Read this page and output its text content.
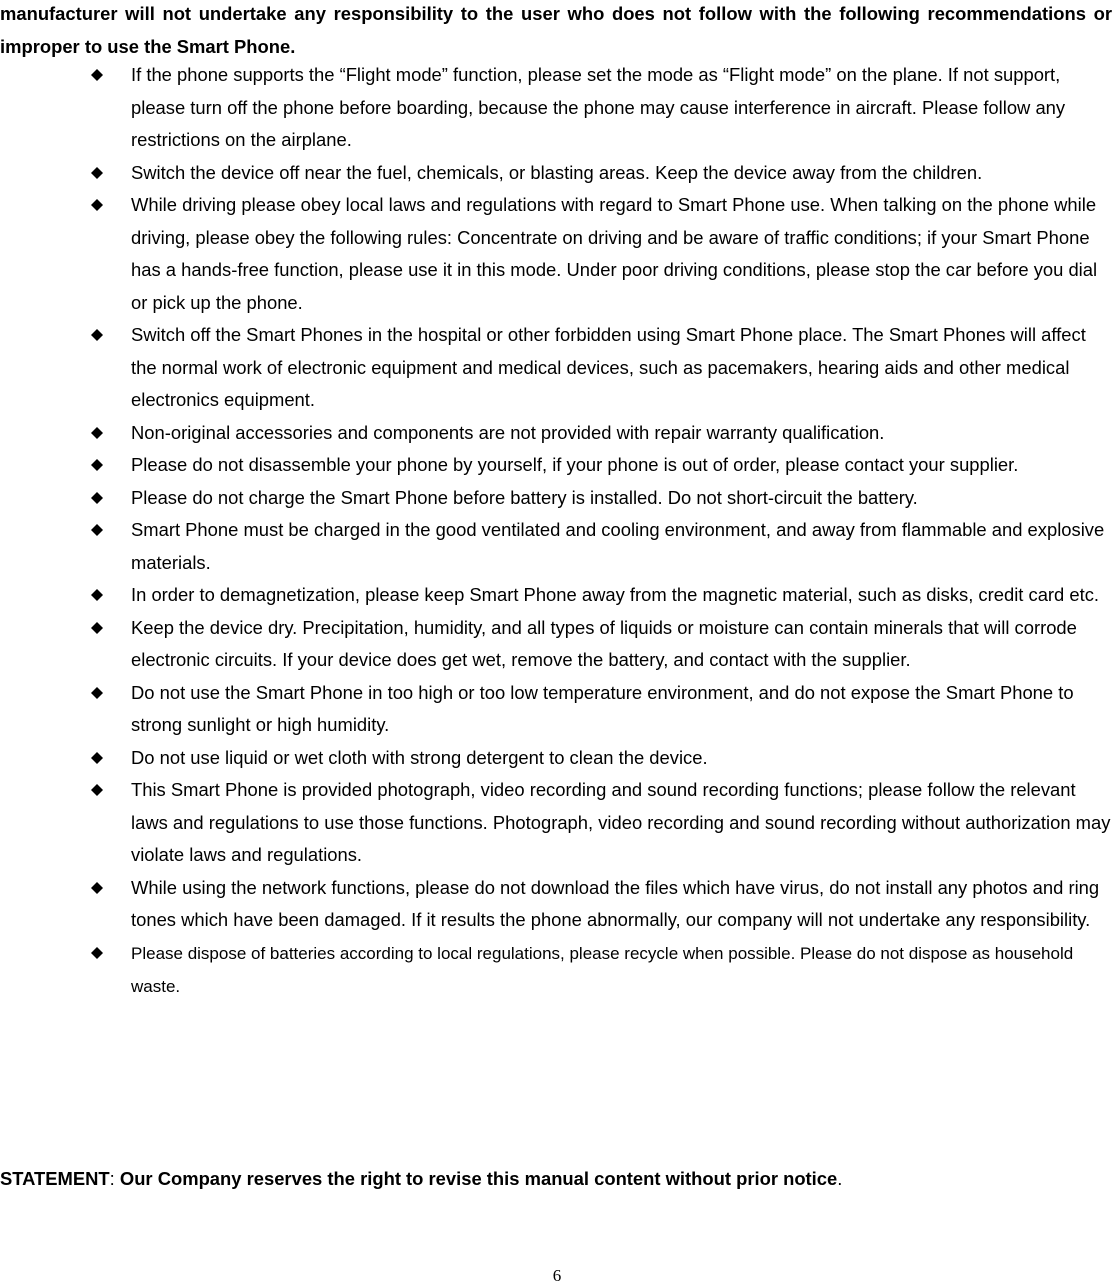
manufacturer will not undertake any responsibility to the user who does not follow with the following recommendations or improper to use the Smart Phone.

If the phone supports the “Flight mode” function, please set the mode as “Flight mode” on the plane. If not support, please turn off the phone before boarding, because the phone may cause interference in aircraft. Please follow any restrictions on the airplane.
Switch the device off near the fuel, chemicals, or blasting areas. Keep the device away from the children.
While driving please obey local laws and regulations with regard to Smart Phone use. When talking on the phone while driving, please obey the following rules: Concentrate on driving and be aware of traffic conditions; if your Smart Phone has a hands-free function, please use it in this mode. Under poor driving conditions, please stop the car before you dial or pick up the phone.
Switch off the Smart Phones in the hospital or other forbidden using Smart Phone place. The Smart Phones will affect the normal work of electronic equipment and medical devices, such as pacemakers, hearing aids and other medical electronics equipment.
Non-original accessories and components are not provided with repair warranty qualification.
Please do not disassemble your phone by yourself, if your phone is out of order, please contact your supplier.
Please do not charge the Smart Phone before battery is installed. Do not short-circuit the battery.
Smart Phone must be charged in the good ventilated and cooling environment, and away from flammable and explosive materials.
In order to demagnetization, please keep Smart Phone away from the magnetic material, such as disks, credit card etc.
Keep the device dry. Precipitation, humidity, and all types of liquids or moisture can contain minerals that will corrode electronic circuits. If your device does get wet, remove the battery, and contact with the supplier.
Do not use the Smart Phone in too high or too low temperature environment, and do not expose the Smart Phone to strong sunlight or high humidity.
Do not use liquid or wet cloth with strong detergent to clean the device.
This Smart Phone is provided photograph, video recording and sound recording functions; please follow the relevant laws and regulations to use those functions. Photograph, video recording and sound recording without authorization may violate laws and regulations.
While using the network functions, please do not download the files which have virus, do not install any photos and ring tones which have been damaged. If it results the phone abnormally, our company will not undertake any responsibility.
Please dispose of batteries according to local regulations, please recycle when possible. Please do not dispose as household waste.

STATEMENT: Our Company reserves the right to revise this manual content without prior notice.

6
